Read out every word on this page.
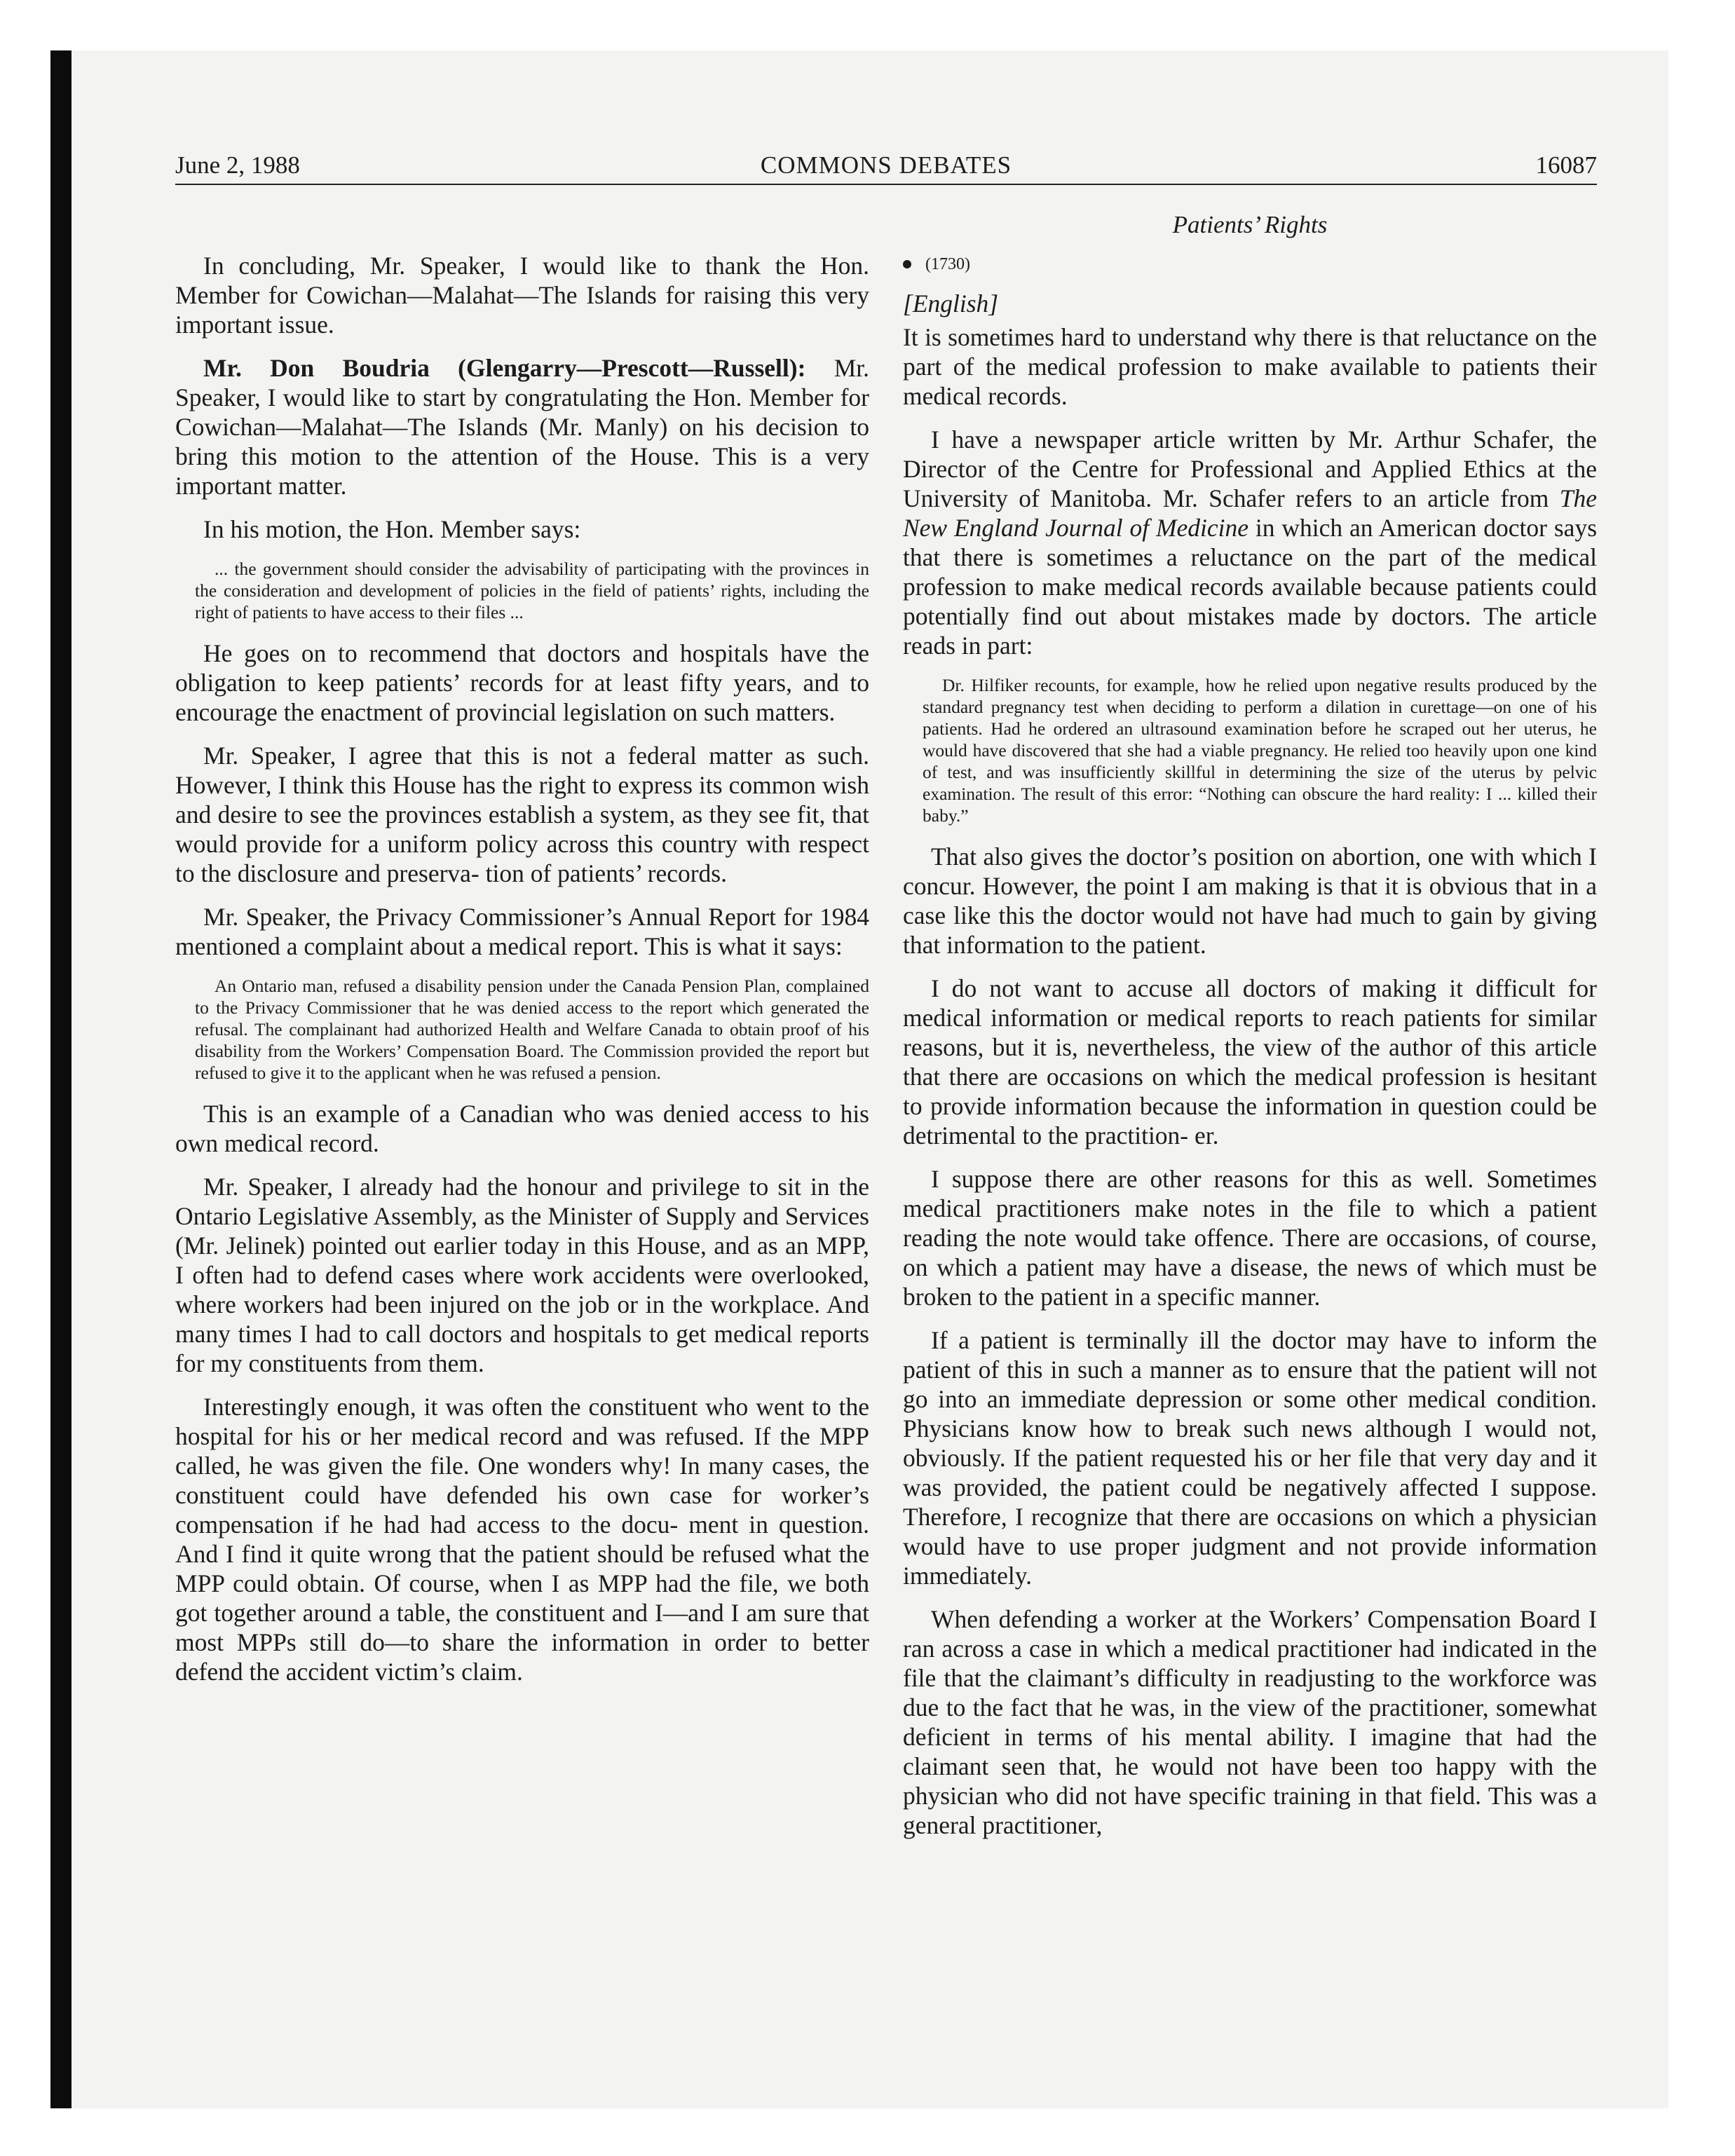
June 2, 1988	COMMONS DEBATES	16087

In concluding, Mr. Speaker, I would like to thank the Hon. Member for Cowichan—Malahat—The Islands for raising this very important issue.

Mr. Don Boudria (Glengarry—Prescott—Russell): Mr. Speaker, I would like to start by congratulating the Hon. Member for Cowichan—Malahat—The Islands (Mr. Manly) on his decision to bring this motion to the attention of the House. This is a very important matter.

In his motion, the Hon. Member says:

... the government should consider the advisability of participating with the provinces in the consideration and development of policies in the field of patients’ rights, including the right of patients to have access to their files ...

He goes on to recommend that doctors and hospitals have the obligation to keep patients’ records for at least fifty years, and to encourage the enactment of provincial legislation on such matters.

Mr. Speaker, I agree that this is not a federal matter as such. However, I think this House has the right to express its common wish and desire to see the provinces establish a system, as they see fit, that would provide for a uniform policy across this country with respect to the disclosure and preserva- tion of patients’ records.

Mr. Speaker, the Privacy Commissioner’s Annual Report for 1984 mentioned a complaint about a medical report. This is what it says:

An Ontario man, refused a disability pension under the Canada Pension Plan, complained to the Privacy Commissioner that he was denied access to the report which generated the refusal. The complainant had authorized Health and Welfare Canada to obtain proof of his disability from the Workers’ Compensation Board. The Commission provided the report but refused to give it to the applicant when he was refused a pension.

This is an example of a Canadian who was denied access to his own medical record.

Mr. Speaker, I already had the honour and privilege to sit in the Ontario Legislative Assembly, as the Minister of Supply and Services (Mr. Jelinek) pointed out earlier today in this House, and as an MPP, I often had to defend cases where work accidents were overlooked, where workers had been injured on the job or in the workplace. And many times I had to call doctors and hospitals to get medical reports for my constituents from them.

Interestingly enough, it was often the constituent who went to the hospital for his or her medical record and was refused. If the MPP called, he was given the file. One wonders why! In many cases, the constituent could have defended his own case for worker’s compensation if he had had access to the docu- ment in question. And I find it quite wrong that the patient should be refused what the MPP could obtain. Of course, when I as MPP had the file, we both got together around a table, the constituent and I—and I am sure that most MPPs still do—to share the information in order to better defend the accident victim’s claim.

Patients’ Rights
(1730)
[English]

It is sometimes hard to understand why there is that reluctance on the part of the medical profession to make available to patients their medical records.

I have a newspaper article written by Mr. Arthur Schafer, the Director of the Centre for Professional and Applied Ethics at the University of Manitoba. Mr. Schafer refers to an article from The New England Journal of Medicine in which an American doctor says that there is sometimes a reluctance on the part of the medical profession to make medical records available because patients could potentially find out about mistakes made by doctors. The article reads in part:

Dr. Hilfiker recounts, for example, how he relied upon negative results produced by the standard pregnancy test when deciding to perform a dilation in curettage—on one of his patients. Had he ordered an ultrasound examination before he scraped out her uterus, he would have discovered that she had a viable pregnancy. He relied too heavily upon one kind of test, and was insufficiently skillful in determining the size of the uterus by pelvic examination. The result of this error: “Nothing can obscure the hard reality: I ... killed their baby.”

That also gives the doctor’s position on abortion, one with which I concur. However, the point I am making is that it is obvious that in a case like this the doctor would not have had much to gain by giving that information to the patient.

I do not want to accuse all doctors of making it difficult for medical information or medical reports to reach patients for similar reasons, but it is, nevertheless, the view of the author of this article that there are occasions on which the medical profession is hesitant to provide information because the information in question could be detrimental to the practition- er.

I suppose there are other reasons for this as well. Sometimes medical practitioners make notes in the file to which a patient reading the note would take offence. There are occasions, of course, on which a patient may have a disease, the news of which must be broken to the patient in a specific manner.

If a patient is terminally ill the doctor may have to inform the patient of this in such a manner as to ensure that the patient will not go into an immediate depression or some other medical condition. Physicians know how to break such news although I would not, obviously. If the patient requested his or her file that very day and it was provided, the patient could be negatively affected I suppose. Therefore, I recognize that there are occasions on which a physician would have to use proper judgment and not provide information immediately.

When defending a worker at the Workers’ Compensation Board I ran across a case in which a medical practitioner had indicated in the file that the claimant’s difficulty in readjusting to the workforce was due to the fact that he was, in the view of the practitioner, somewhat deficient in terms of his mental ability. I imagine that had the claimant seen that, he would not have been too happy with the physician who did not have specific training in that field. This was a general practitioner,
